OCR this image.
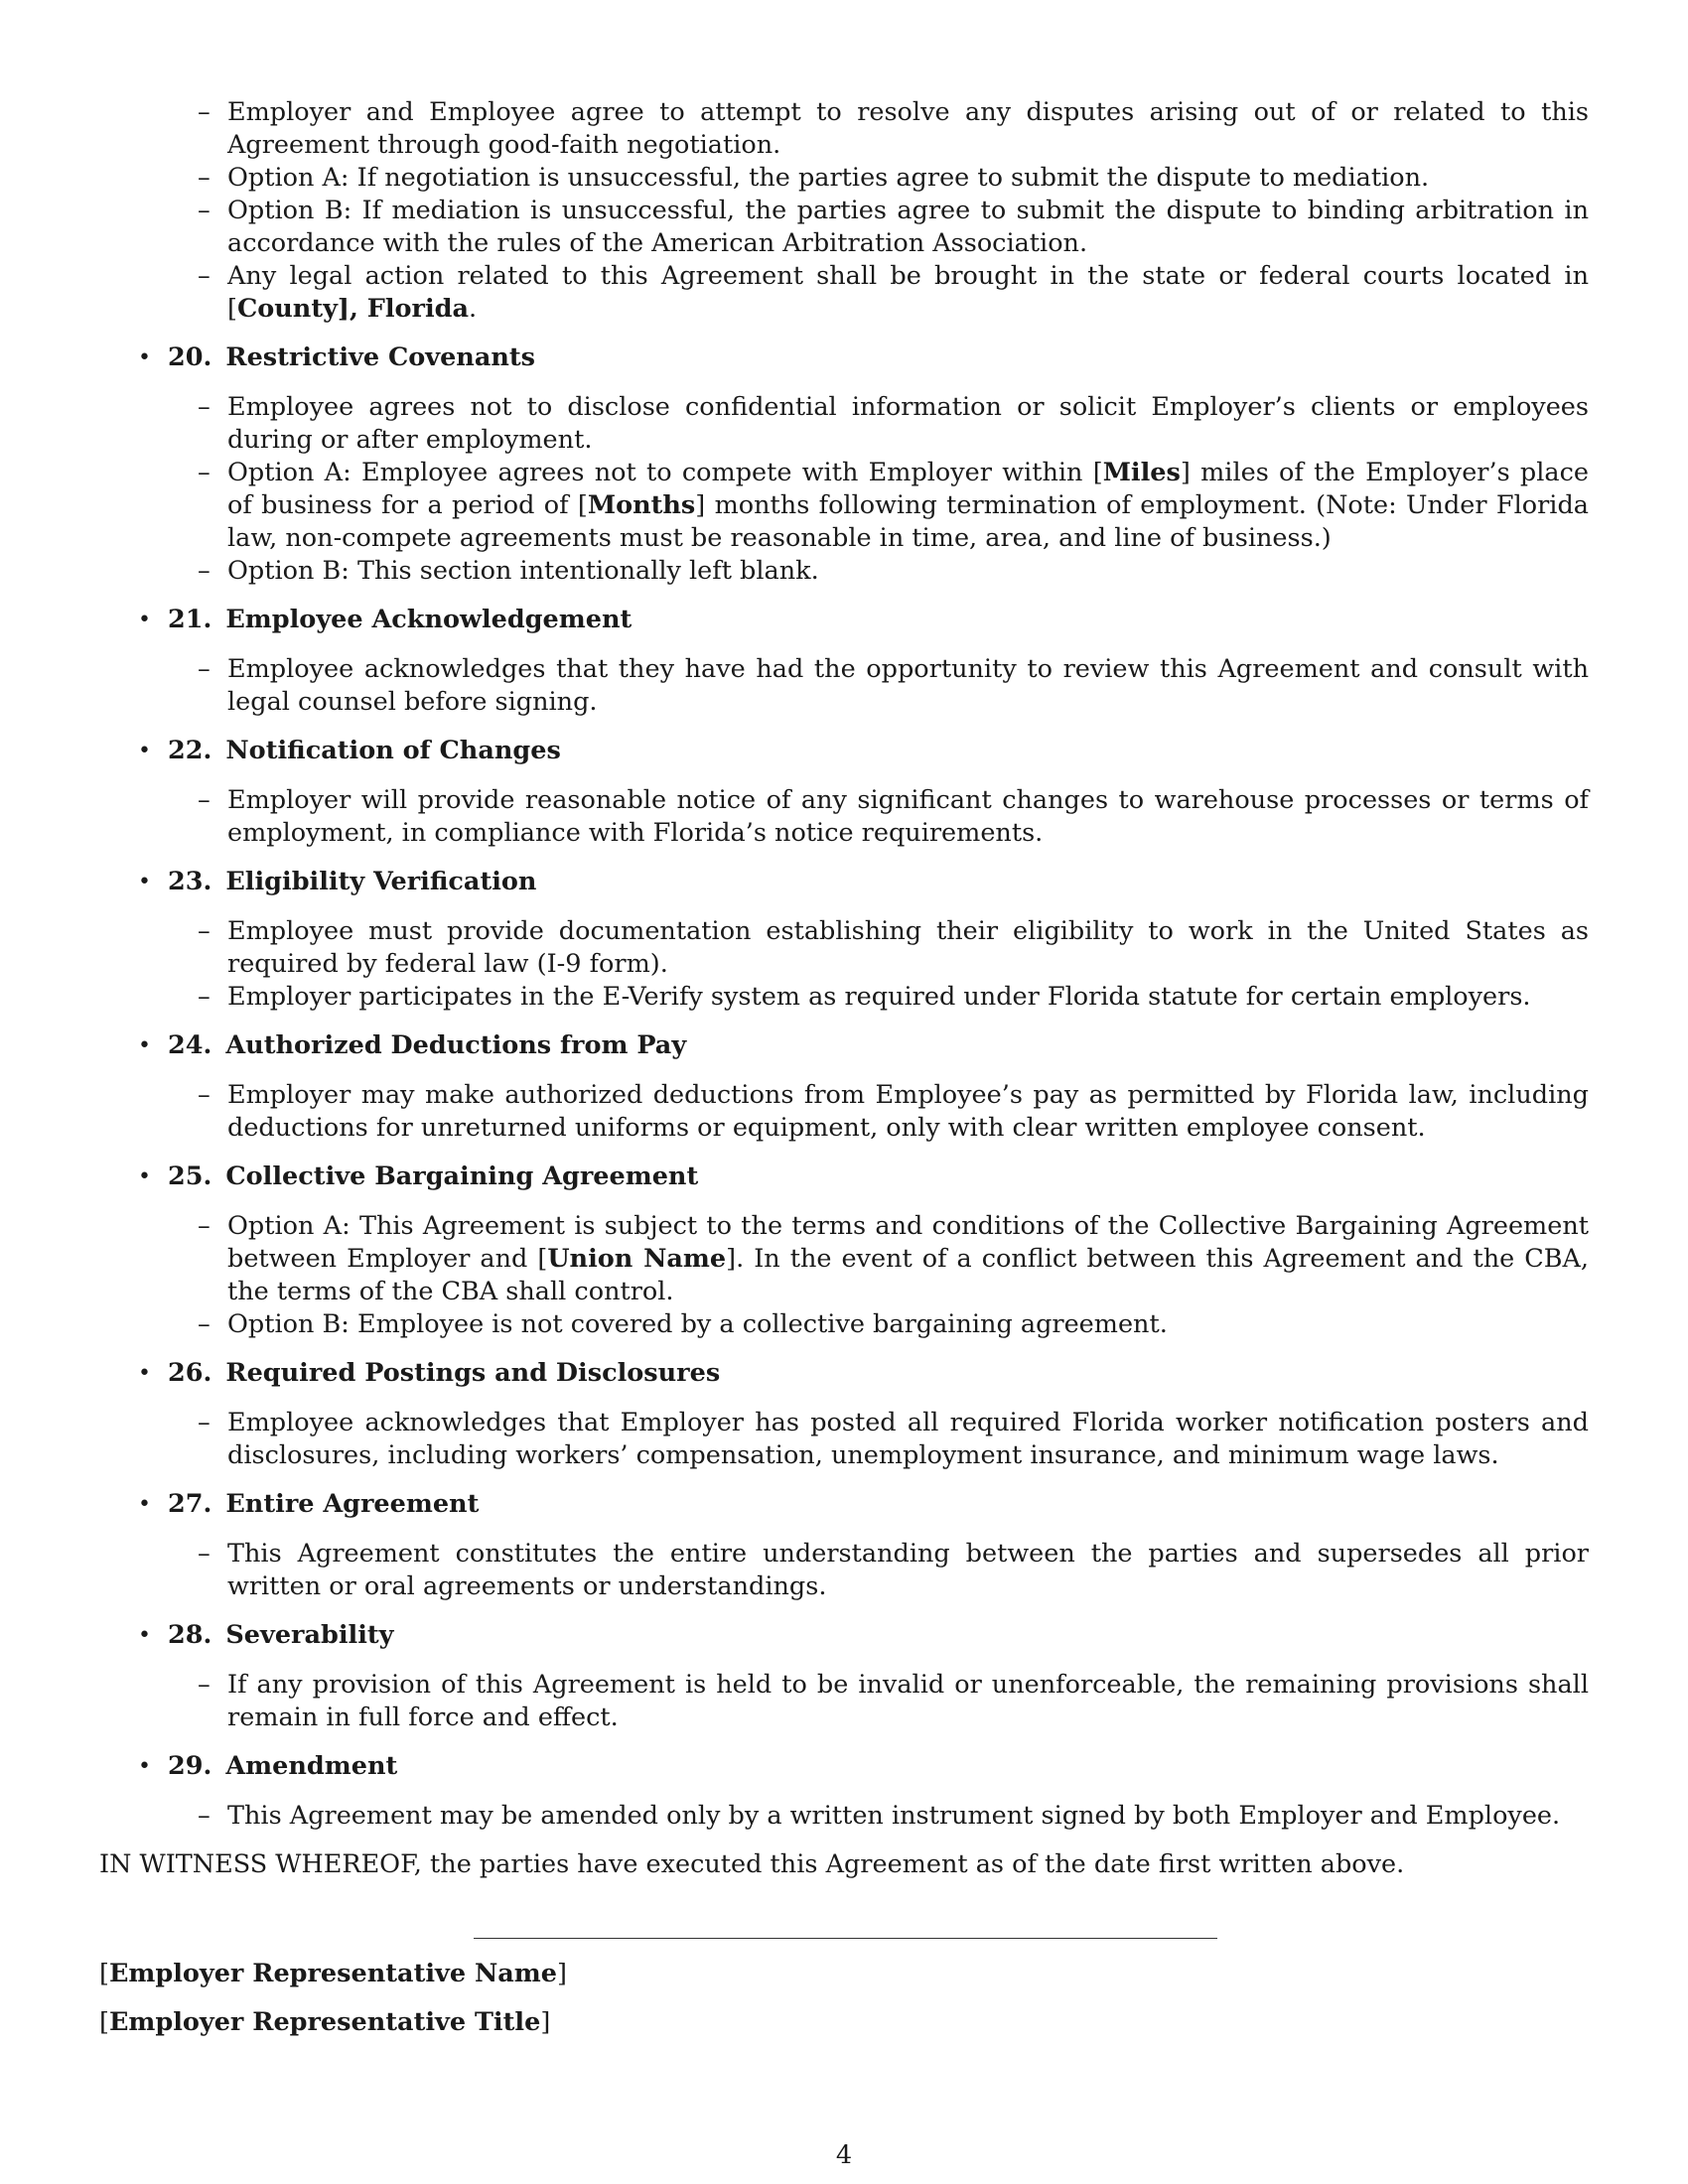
– Employer and Employee agree to attempt to resolve any disputes arising out of or related to this Agreement through good-faith negotiation.
– Option A: If negotiation is unsuccessful, the parties agree to submit the dispute to mediation.
– Option B: If mediation is unsuccessful, the parties agree to submit the dispute to binding arbitration in accordance with the rules of the American Arbitration Association.
– Any legal action related to this Agreement shall be brought in the state or federal courts located in [County], Florida.
• 20. Restrictive Covenants
– Employee agrees not to disclose confidential information or solicit Employer’s clients or employees during or after employment.
– Option A: Employee agrees not to compete with Employer within [Miles] miles of the Employer’s place of business for a period of [Months] months following termination of employment. (Note: Under Florida law, non-compete agreements must be reasonable in time, area, and line of business.)
– Option B: This section intentionally left blank.
• 21. Employee Acknowledgement
– Employee acknowledges that they have had the opportunity to review this Agreement and consult with legal counsel before signing.
• 22. Notification of Changes
– Employer will provide reasonable notice of any significant changes to warehouse processes or terms of employment, in compliance with Florida’s notice requirements.
• 23. Eligibility Verification
– Employee must provide documentation establishing their eligibility to work in the United States as required by federal law (I-9 form).
– Employer participates in the E-Verify system as required under Florida statute for certain employers.
• 24. Authorized Deductions from Pay
– Employer may make authorized deductions from Employee’s pay as permitted by Florida law, including deductions for unreturned uniforms or equipment, only with clear written employee consent.
• 25. Collective Bargaining Agreement
– Option A: This Agreement is subject to the terms and conditions of the Collective Bargaining Agreement between Employer and [Union Name]. In the event of a conflict between this Agreement and the CBA, the terms of the CBA shall control.
– Option B: Employee is not covered by a collective bargaining agreement.
• 26. Required Postings and Disclosures
– Employee acknowledges that Employer has posted all required Florida worker notification posters and disclosures, including workers’ compensation, unemployment insurance, and minimum wage laws.
• 27. Entire Agreement
– This Agreement constitutes the entire understanding between the parties and supersedes all prior written or oral agreements or understandings.
• 28. Severability
– If any provision of this Agreement is held to be invalid or unenforceable, the remaining provisions shall remain in full force and effect.
• 29. Amendment
– This Agreement may be amended only by a written instrument signed by both Employer and Employee.
IN WITNESS WHEREOF, the parties have executed this Agreement as of the date first written above.
[Employer Representative Name]
[Employer Representative Title]
4
